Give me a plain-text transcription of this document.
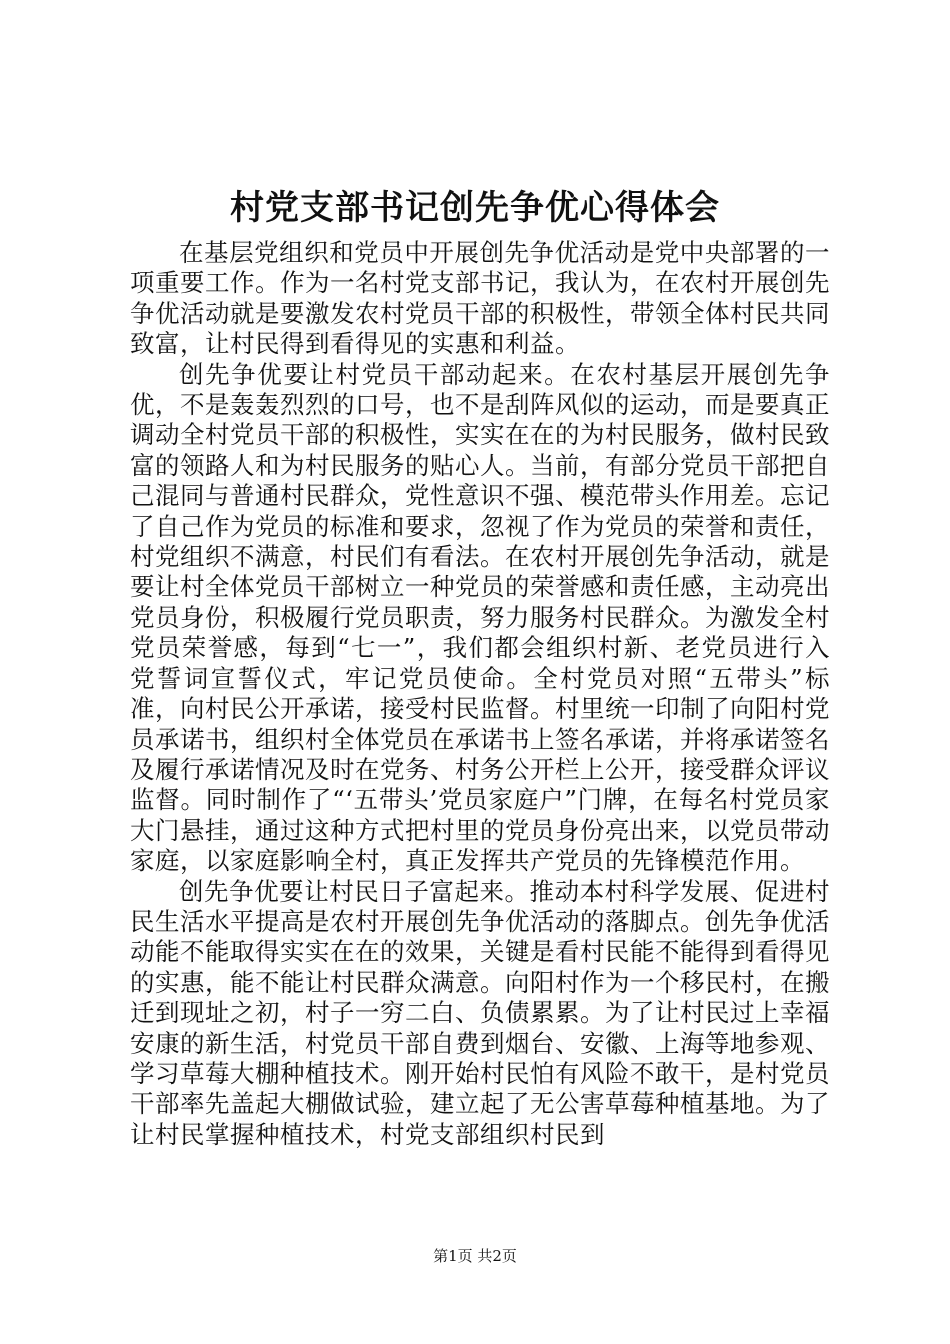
村党支部书记创先争优心得体会

在基层党组织和党员中开展创先争优活动是党中央部署的一项重要工作。作为一名村党支部书记，我认为，在农村开展创先争优活动就是要激发农村党员干部的积极性，带领全体村民共同致富，让村民得到看得见的实惠和利益。

创先争优要让村党员干部动起来。在农村基层开展创先争优，不是轰轰烈烈的口号，也不是刮阵风似的运动，而是要真正调动全村党员干部的积极性，实实在在的为村民服务，做村民致富的领路人和为村民服务的贴心人。当前，有部分党员干部把自己混同与普通村民群众，党性意识不强、模范带头作用差。忘记了自己作为党员的标准和要求，忽视了作为党员的荣誉和责任，村党组织不满意，村民们有看法。在农村开展创先争活动，就是要让村全体党员干部树立一种党员的荣誉感和责任感，主动亮出党员身份，积极履行党员职责，努力服务村民群众。为激发全村党员荣誉感，每到“七一”，我们都会组织村新、老党员进行入党誓词宣誓仪式，牢记党员使命。全村党员对照“五带头”标准，向村民公开承诺，接受村民监督。村里统一印制了向阳村党员承诺书，组织村全体党员在承诺书上签名承诺，并将承诺签名及履行承诺情况及时在党务、村务公开栏上公开，接受群众评议监督。同时制作了“‘五带头’党员家庭户”门牌，在每名村党员家大门悬挂，通过这种方式把村里的党员身份亮出来，以党员带动家庭，以家庭影响全村，真正发挥共产党员的先锋模范作用。

创先争优要让村民日子富起来。推动本村科学发展、促进村民生活水平提高是农村开展创先争优活动的落脚点。创先争优活动能不能取得实实在在的效果，关键是看村民能不能得到看得见的实惠，能不能让村民群众满意。向阳村作为一个移民村，在搬迁到现址之初，村子一穷二白、负债累累。为了让村民过上幸福安康的新生活，村党员干部自费到烟台、安徽、上海等地参观、学习草莓大棚种植技术。刚开始村民怕有风险不敢干，是村党员干部率先盖起大棚做试验，建立起了无公害草莓种植基地。为了让村民掌握种植技术，村党支部组织村民到

第1页 共2页
